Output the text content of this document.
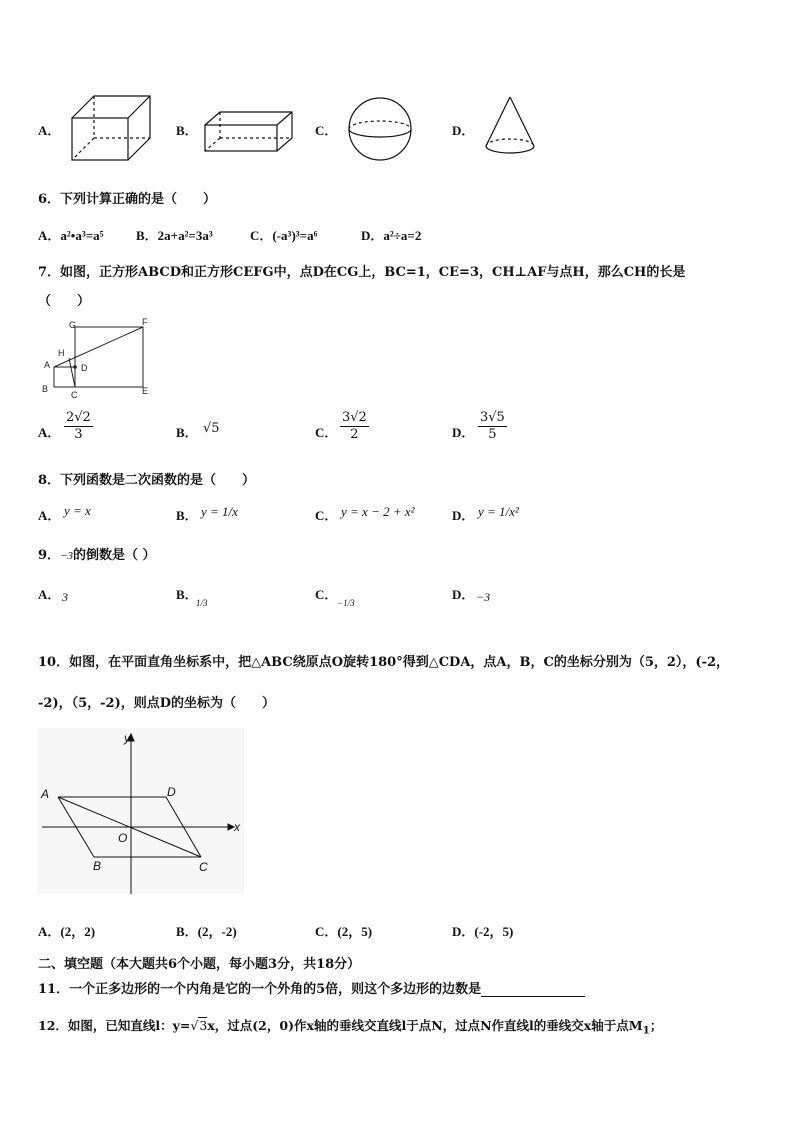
A．	B．	C．	D．
6．下列计算正确的是（　　）
A．a²•a³=a⁵ B．2a+a²=3a³	C．(-a³)³=a⁶	D．a²÷a=2
7．如图，正方形ABCD和正方形CEFG中，点D在CG上，BC=1，CE=3，CH⊥AF与点H，那么CH的长是
（　　）
G	F
H
A	D
B
C	E
A． $\frac{2√2}{3}$	B． √5	C． $\frac{3√2}{2}$	D． $\frac{3√5}{5}$
8．下列函数是二次函数的是（　　）
A． y = x	B． y = 1/x	C． y = x − 2 + x²	D． y = 1/x²
9．−3的倒数是（ ）
A． 3	B．
1/3
C．
−1/3
D． −3
10．如图，在平面直角坐标系中，把△ABC绕原点O旋转180°得到△CDA，点A，B，C的坐标分别为（5，2），(-2，
-2)，（5，-2)，则点D的坐标为（　　）
y
x
A	D
O
B	C
A．(2，2)	B．(2，-2)	C．(2，5)	D．(-2，5)
二、填空题（本大题共6个小题，每小题3分，共18分）
11．一个正多边形的一个内角是它的一个外角的5倍，则这个多边形的边数是
12．如图，已知直线l：y=√3x，过点(2，0)作x轴的垂线交直线l于点N，过点N作直线l的垂线交x轴于点$M_1$；
